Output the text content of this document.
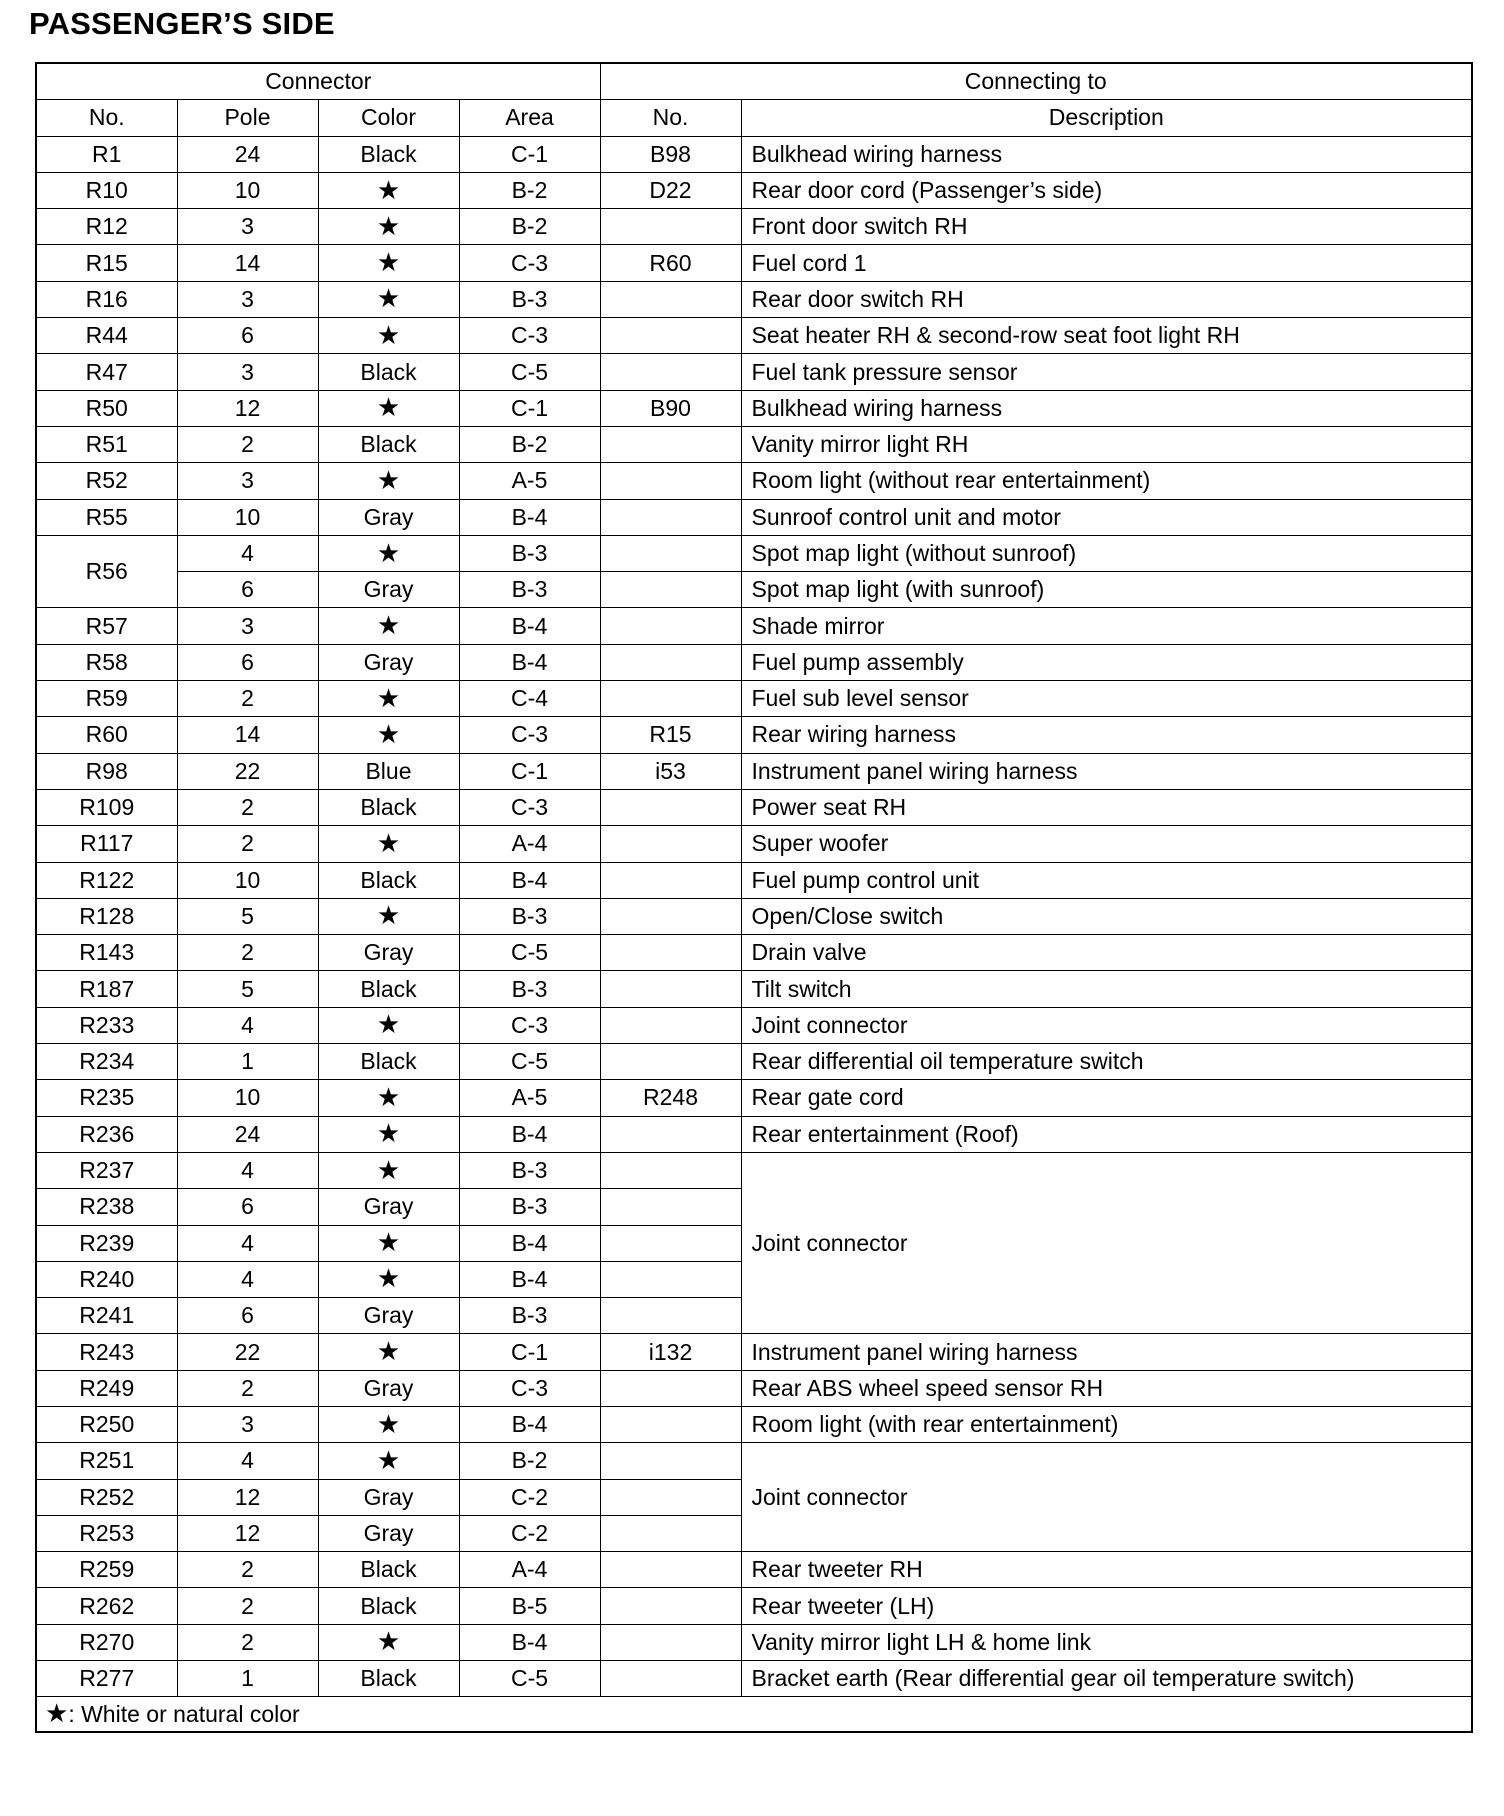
PASSENGER’S SIDE
Connector				Connecting to	
No.	Pole	Color	Area	No.	Description
R1	24	Black	C-1	B98	Bulkhead wiring harness
R10	10	★	B-2	D22	Rear door cord (Passenger’s side)
R12	3	★	B-2		Front door switch RH
R15	14	★	C-3	R60	Fuel cord 1
R16	3	★	B-3		Rear door switch RH
R44	6	★	C-3		Seat heater RH & second-row seat foot light RH
R47	3	Black	C-5		Fuel tank pressure sensor
R50	12	★	C-1	B90	Bulkhead wiring harness
R51	2	Black	B-2		Vanity mirror light RH
R52	3	★	A-5		Room light (without rear entertainment)
R55	10	Gray	B-4		Sunroof control unit and motor
R56	4	★	B-3		Spot map light (without sunroof)
	6	Gray	B-3		Spot map light (with sunroof)
R57	3	★	B-4		Shade mirror
R58	6	Gray	B-4		Fuel pump assembly
R59	2	★	C-4		Fuel sub level sensor
R60	14	★	C-3	R15	Rear wiring harness
R98	22	Blue	C-1	i53	Instrument panel wiring harness
R109	2	Black	C-3		Power seat RH
R117	2	★	A-4		Super woofer
R122	10	Black	B-4		Fuel pump control unit
R128	5	★	B-3		Open/Close switch
R143	2	Gray	C-5		Drain valve
R187	5	Black	B-3		Tilt switch
R233	4	★	C-3		Joint connector
R234	1	Black	C-5		Rear differential oil temperature switch
R235	10	★	A-5	R248	Rear gate cord
R236	24	★	B-4		Rear entertainment (Roof)
R237	4	★	B-3		Joint connector
R238	6	Gray	B-3		
R239	4	★	B-4		
R240	4	★	B-4		
R241	6	Gray	B-3		
R243	22	★	C-1	i132	Instrument panel wiring harness
R249	2	Gray	C-3		Rear ABS wheel speed sensor RH
R250	3	★	B-4		Room light (with rear entertainment)
R251	4	★	B-2		Joint connector
R252	12	Gray	C-2		
R253	12	Gray	C-2		
R259	2	Black	A-4		Rear tweeter RH
R262	2	Black	B-5		Rear tweeter (LH)
R270	2	★	B-4		Vanity mirror light LH & home link
R277	1	Black	C-5		Bracket earth (Rear differential gear oil temperature switch)
★: White or natural color					
